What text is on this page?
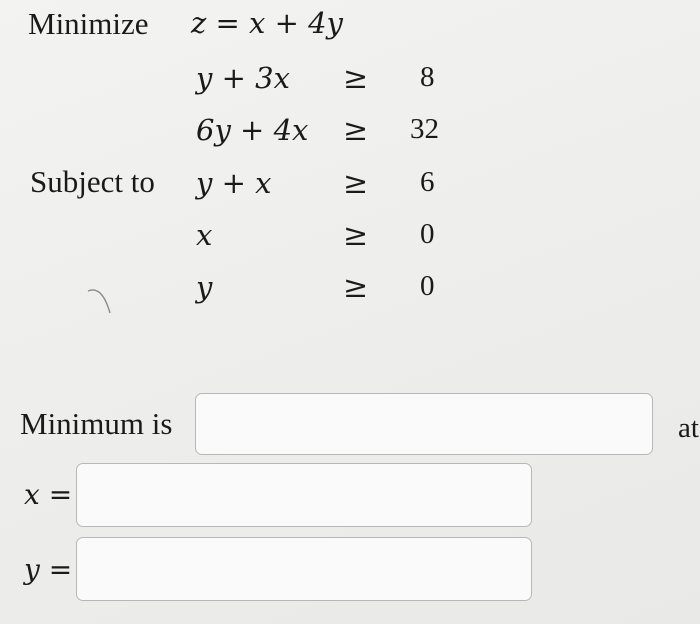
Minimize z = x + 4y
Subject to
y + 3x ≥ 8
6y + 4x ≥ 32
y + x ≥ 6
x	≥ 0
y	≥ 0
Minimum is	at
x =
y =
